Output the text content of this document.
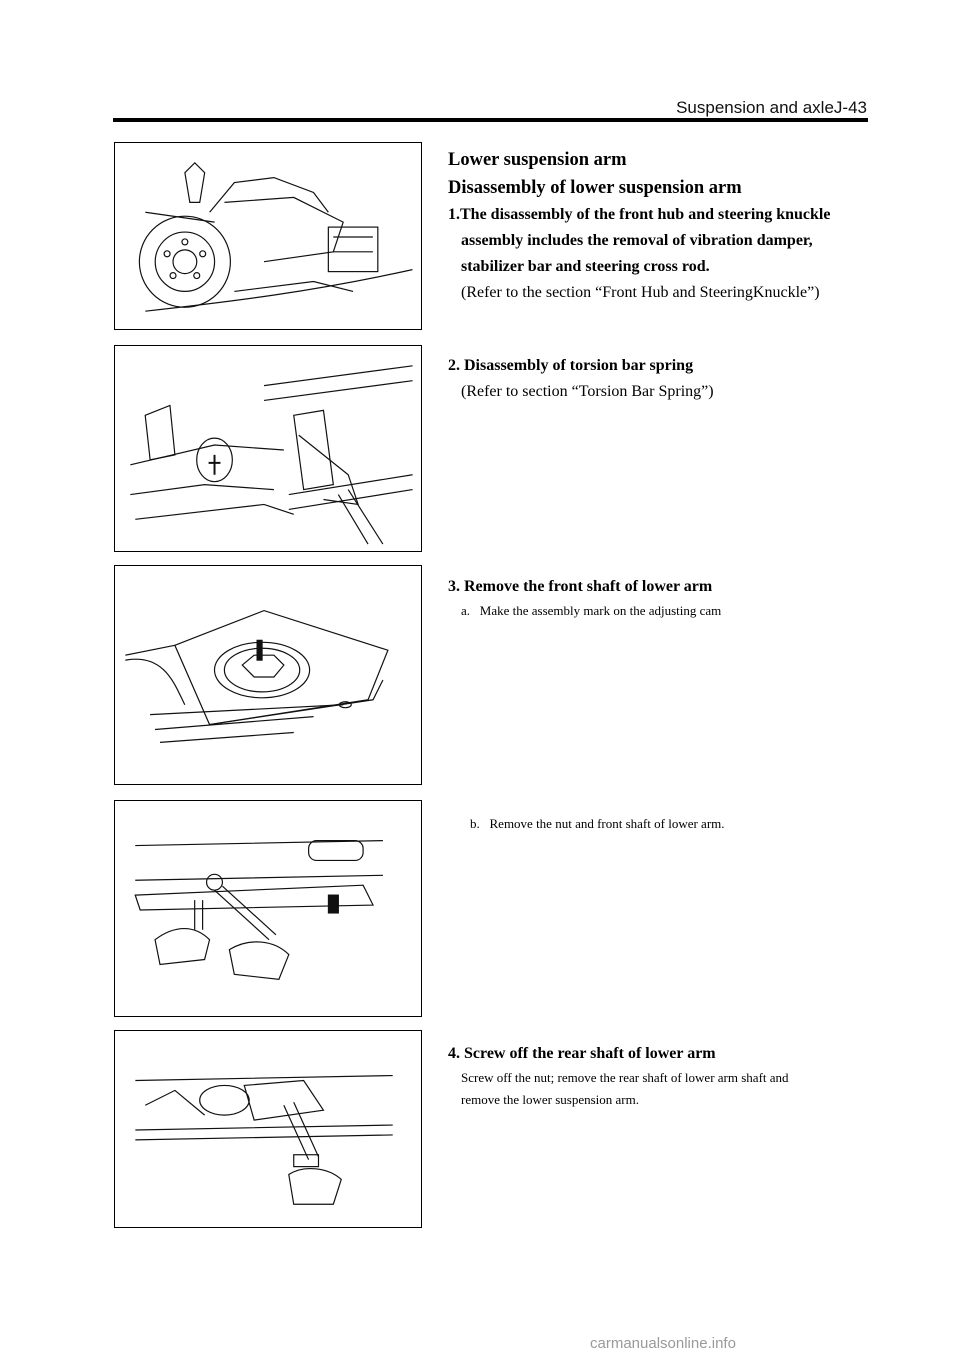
Suspension and axleJ-43
Lower suspension arm
Disassembly of lower suspension arm
1.The disassembly of the front hub and steering knuckle
assembly includes the removal of vibration damper,
stabilizer bar and steering cross rod.
(Refer to the section “Front Hub and SteeringKnuckle”)
2. Disassembly of torsion bar spring
(Refer to section “Torsion Bar Spring”)
3. Remove the front shaft of lower arm
a.   Make the assembly mark on the adjusting cam
b.   Remove the nut and front shaft of lower arm.
4. Screw off the rear shaft of lower arm
Screw off the nut; remove the rear shaft of lower arm shaft and
remove the lower suspension arm.
carmanualsonline.info
